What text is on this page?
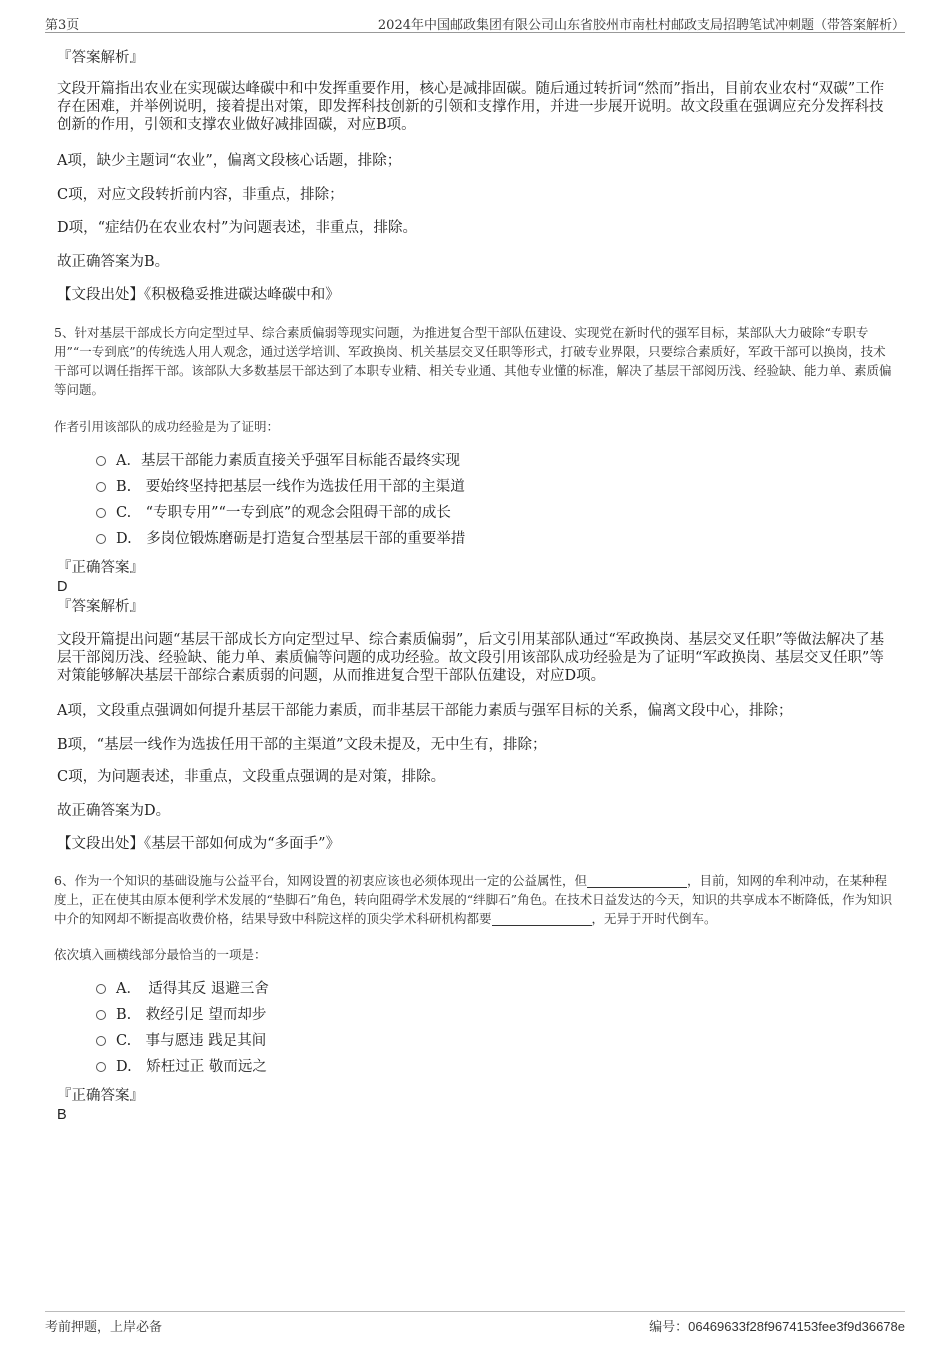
第3页	2024年中国邮政集团有限公司山东省胶州市南杜村邮政支局招聘笔试冲刺题（带答案解析）
『答案解析』
文段开篇指出农业在实现碳达峰碳中和中发挥重要作用，核心是减排固碳。随后通过转折词“然而”指出，目前农业农村“双碳”工作存在困难，并举例说明，接着提出对策，即发挥科技创新的引领和支撑作用，并进一步展开说明。故文段重在强调应充分发挥科技创新的作用，引领和支撑农业做好减排固碳，对应B项。
A项，缺少主题词“农业”，偏离文段核心话题，排除；
C项，对应文段转折前内容，非重点，排除；
D项，“症结仍在农业农村”为问题表述，非重点，排除。
故正确答案为B。
【文段出处】《积极稳妥推进碳达峰碳中和》
5、针对基层干部成长方向定型过早、综合素质偏弱等现实问题，为推进复合型干部队伍建设、实现党在新时代的强军目标，某部队大力破除“专职专用”“一专到底”的传统选人用人观念，通过送学培训、军政换岗、机关基层交叉任职等形式，打破专业界限，只要综合素质好，军政干部可以换岗，技术干部可以调任指挥干部。该部队大多数基层干部达到了本职专业精、相关专业通、其他专业懂的标准，解决了基层干部阅历浅、经验缺、能力单、素质偏等问题。
作者引用该部队的成功经验是为了证明：
A．基层干部能力素质直接关乎强军目标能否最终实现
B.　要始终坚持把基层一线作为选拔任用干部的主渠道
C.　“专职专用”“一专到底”的观念会阻碍干部的成长
D.　多岗位锻炼磨砺是打造复合型基层干部的重要举措
『正确答案』
D
『答案解析』
文段开篇提出问题“基层干部成长方向定型过早、综合素质偏弱”，后文引用某部队通过“军政换岗、基层交叉任职”等做法解决了基层干部阅历浅、经验缺、能力单、素质偏等问题的成功经验。故文段引用该部队成功经验是为了证明“军政换岗、基层交叉任职”等对策能够解决基层干部综合素质弱的问题，从而推进复合型干部队伍建设，对应D项。
A项，文段重点强调如何提升基层干部能力素质，而非基层干部能力素质与强军目标的关系，偏离文段中心，排除；
B项，“基层一线作为选拔任用干部的主渠道”文段未提及，无中生有，排除；
C项，为问题表述，非重点，文段重点强调的是对策，排除。
故正确答案为D。
【文段出处】《基层干部如何成为“多面手”》
6、作为一个知识的基础设施与公益平台，知网设置的初衷应该也必须体现出一定的公益属性，但	，目前，知网的牟利冲动，在某种程度上，正在使其由原本便利学术发展的“垫脚石”角色，转向阻碍学术发展的“绊脚石”角色。在技术日益发达的今天，知识的共享成本不断降低，作为知识中介的知网却不断提高收费价格，结果导致中科院这样的顶尖学术科研机构都要	，无异于开时代倒车。
依次填入画横线部分最恰当的一项是：
A．　适得其反 退避三舍
B.　救经引足 望而却步
C.　事与愿违 践足其间
D.　矫枉过正 敬而远之
『正确答案』
B
考前押题，上岸必备	编号：06469633f28f9674153fee3f9d36678e
